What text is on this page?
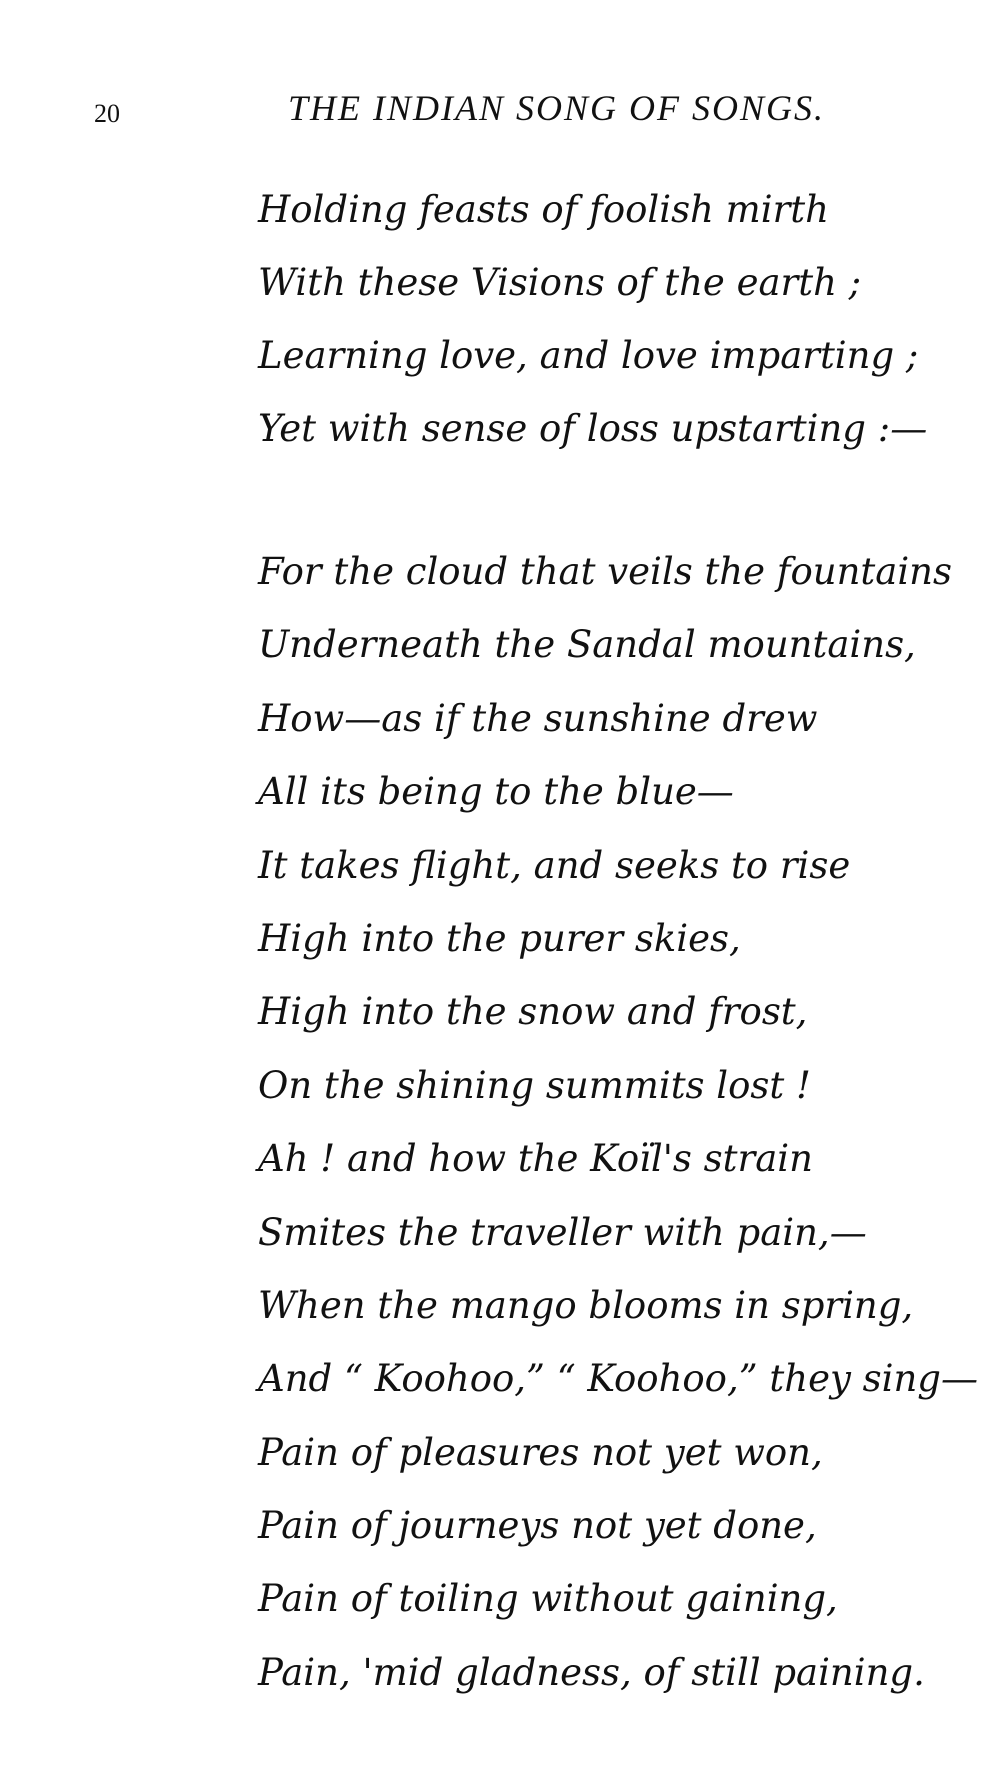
20	THE INDIAN SONG OF SONGS.
Holding feasts of foolish mirth
With these Visions of the earth ;
Learning love, and love imparting ;
Yet with sense of loss upstarting :—
For the cloud that veils the fountains
Underneath the Sandal mountains,
How—as if the sunshine drew
All its being to the blue—
It takes flight, and seeks to rise
High into the purer skies,
High into the snow and frost,
On the shining summits lost !
Ah ! and how the Koïl's strain
Smites the traveller with pain,—
When the mango blooms in spring,
And “ Koohoo,” “ Koohoo,” they sing—
Pain of pleasures not yet won,
Pain of journeys not yet done,
Pain of toiling without gaining,
Pain, 'mid gladness, of still paining.
